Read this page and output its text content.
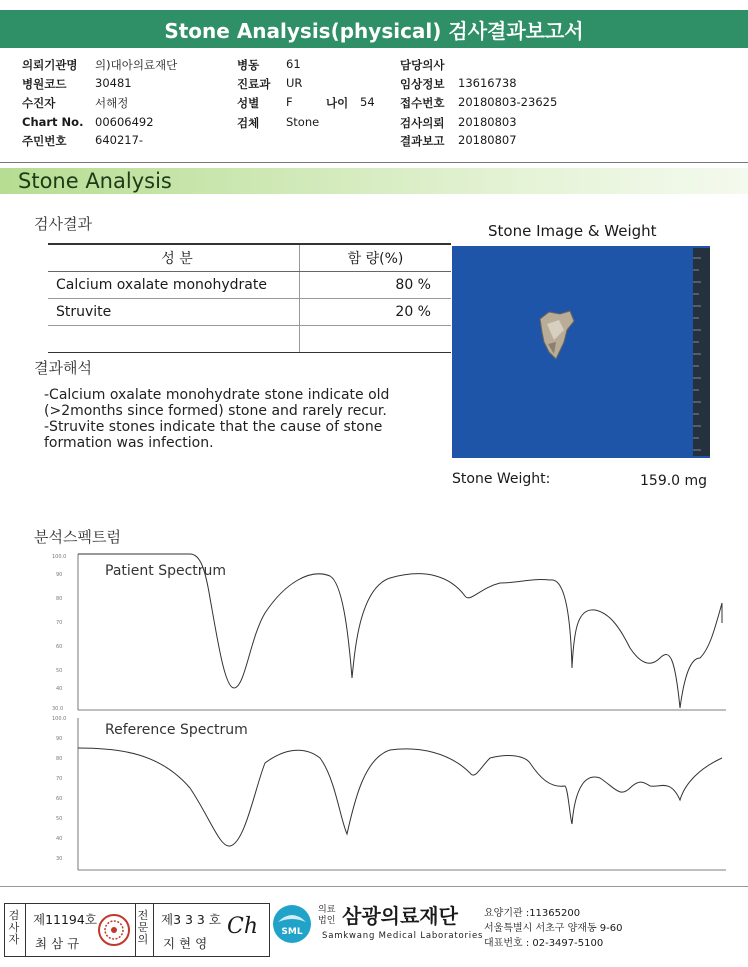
Stone Analysis(physical) 검사결과보고서
의뢰기관명 의)대아의료재단
병원코드 30481
수진자	서해정
Chart No. 00606492
주민번호 640217-
병동 61
진료과 UR
성별 F	나이 54
검체 Stone
담당의사
임상정보 13616738
접수번호 20180803-23625
검사의뢰 20180803
결과보고 20180807
Stone Analysis
검사결과
성 분	함 량(%)
Calcium oxalate monohydrate	80 %
Struvite	20 %

결과해석
-Calcium oxalate monohydrate stone indicate old
(>2months since formed) stone and rarely recur.
-Struvite stones indicate that the cause of stone
formation was infection.
Stone Image & Weight
Stone Weight:	159.0 mg
분석스펙트럼
100.0
90
80
70
60
50
40
30.0
100.0
90
80
70
60
50
40
30
Patient Spectrum
Reference Spectrum
검사자
제11194호
최 삼 규
전문의
제3 3 3 호
지 현 영
Ch	SML
의료 법인 삼광의료재단
Samkwang Medical Laboratories
요양기관 :11365200
서울특별시 서초구 양재동 9-60
대표번호 : 02-3497-5100
